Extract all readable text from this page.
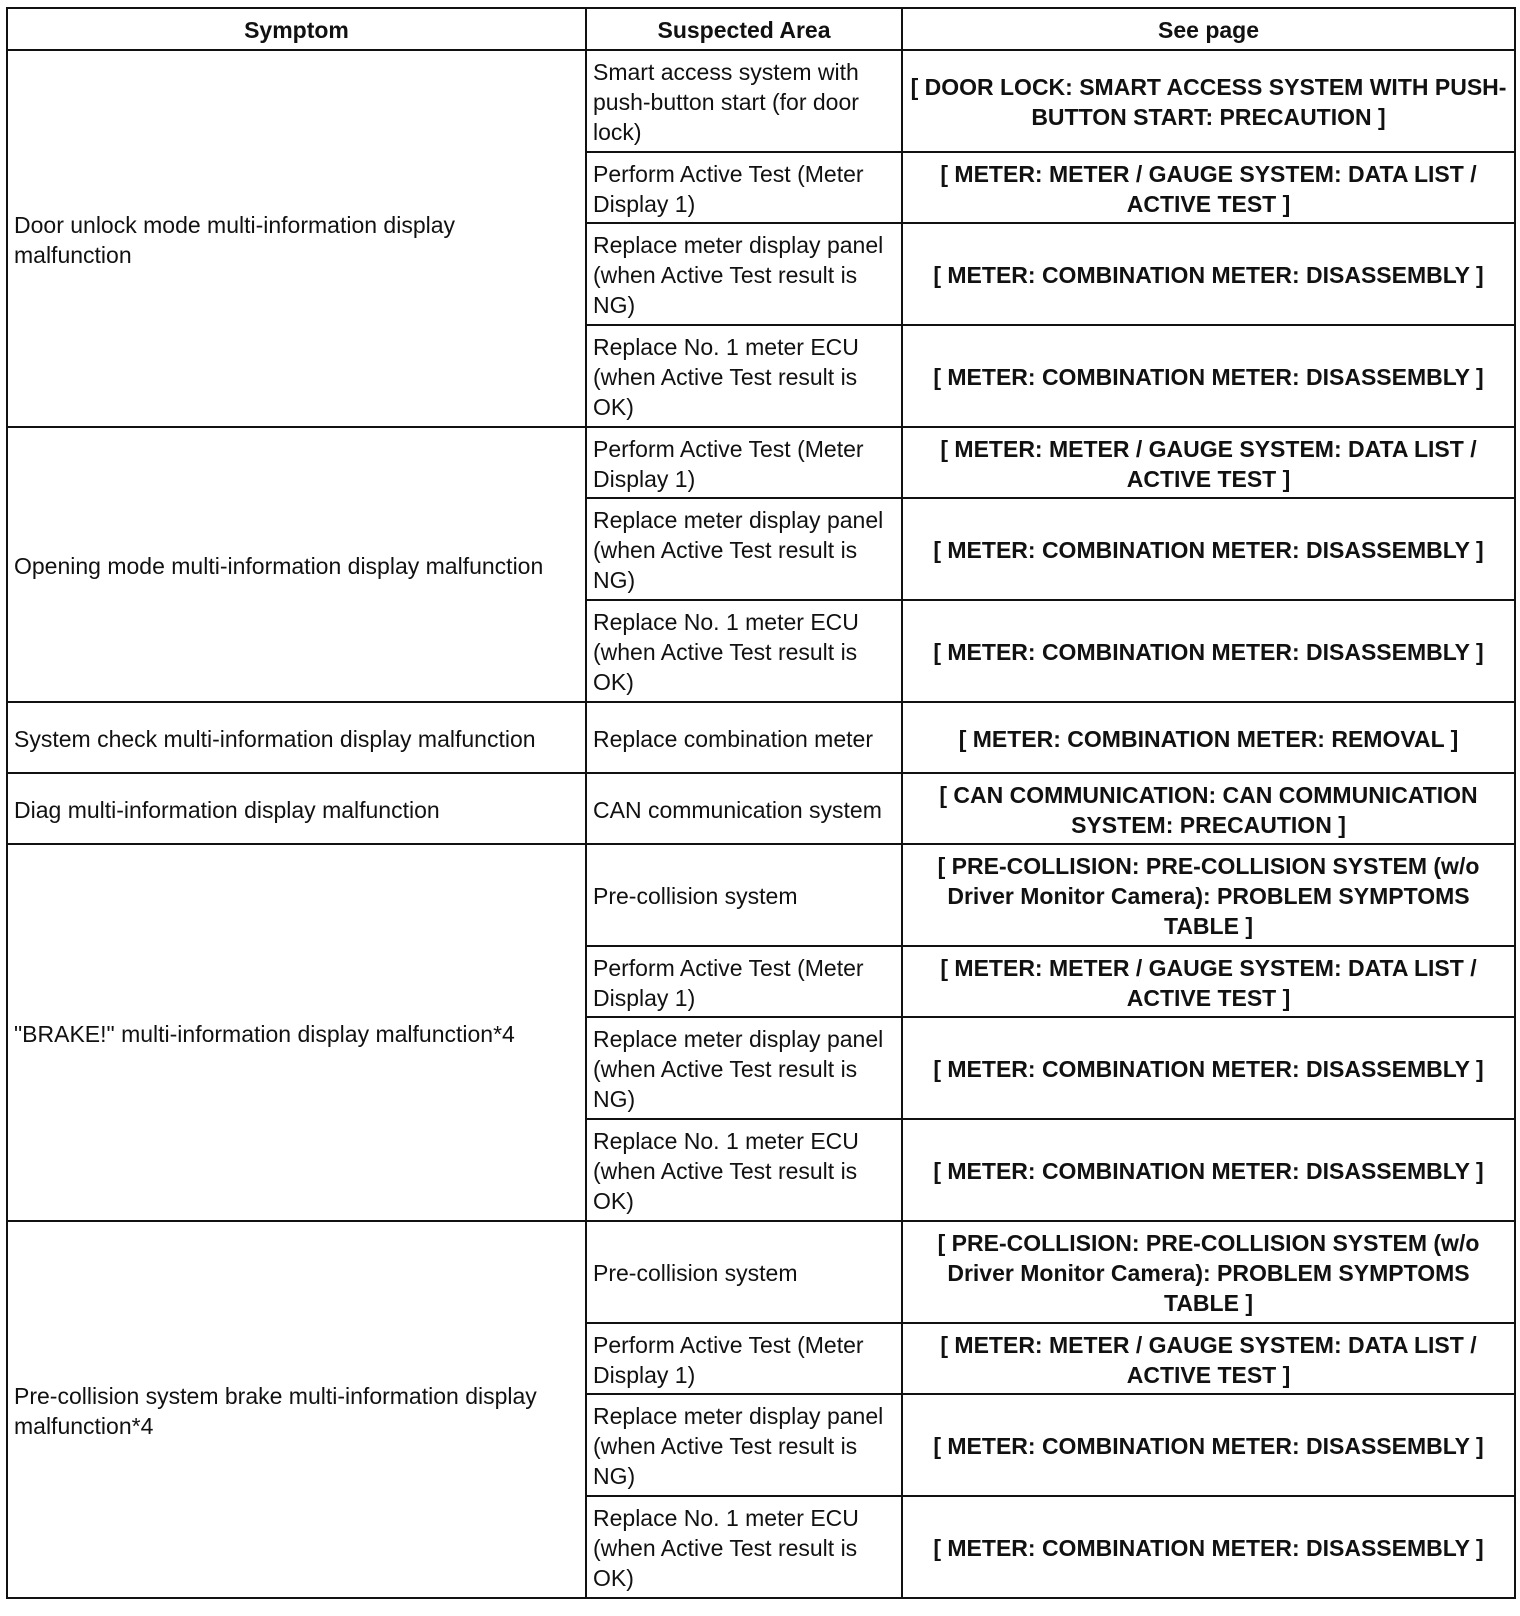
Symptom	Suspected Area	See page
Door unlock mode multi-information display malfunction	Smart access system with push-button start (for door lock)	[ DOOR LOCK: SMART ACCESS SYSTEM WITH PUSH-BUTTON START: PRECAUTION ]
	Perform Active Test (Meter Display 1)	[ METER: METER / GAUGE SYSTEM: DATA LIST / ACTIVE TEST ]
	Replace meter display panel (when Active Test result is NG)	[ METER: COMBINATION METER: DISASSEMBLY ]
	Replace No. 1 meter ECU (when Active Test result is OK)	[ METER: COMBINATION METER: DISASSEMBLY ]
Opening mode multi-information display malfunction	Perform Active Test (Meter Display 1)	[ METER: METER / GAUGE SYSTEM: DATA LIST / ACTIVE TEST ]
	Replace meter display panel (when Active Test result is NG)	[ METER: COMBINATION METER: DISASSEMBLY ]
	Replace No. 1 meter ECU (when Active Test result is OK)	[ METER: COMBINATION METER: DISASSEMBLY ]
System check multi-information display malfunction	Replace combination meter	[ METER: COMBINATION METER: REMOVAL ]
Diag multi-information display malfunction	CAN communication system	[ CAN COMMUNICATION: CAN COMMUNICATION SYSTEM: PRECAUTION ]
"BRAKE!" multi-information display malfunction*4	Pre-collision system	[ PRE-COLLISION: PRE-COLLISION SYSTEM (w/o Driver Monitor Camera): PROBLEM SYMPTOMS TABLE ]
	Perform Active Test (Meter Display 1)	[ METER: METER / GAUGE SYSTEM: DATA LIST / ACTIVE TEST ]
	Replace meter display panel (when Active Test result is NG)	[ METER: COMBINATION METER: DISASSEMBLY ]
	Replace No. 1 meter ECU (when Active Test result is OK)	[ METER: COMBINATION METER: DISASSEMBLY ]
Pre-collision system brake multi-information display malfunction*4	Pre-collision system	[ PRE-COLLISION: PRE-COLLISION SYSTEM (w/o Driver Monitor Camera): PROBLEM SYMPTOMS TABLE ]
	Perform Active Test (Meter Display 1)	[ METER: METER / GAUGE SYSTEM: DATA LIST / ACTIVE TEST ]
	Replace meter display panel (when Active Test result is NG)	[ METER: COMBINATION METER: DISASSEMBLY ]
	Replace No. 1 meter ECU (when Active Test result is OK)	[ METER: COMBINATION METER: DISASSEMBLY ]
